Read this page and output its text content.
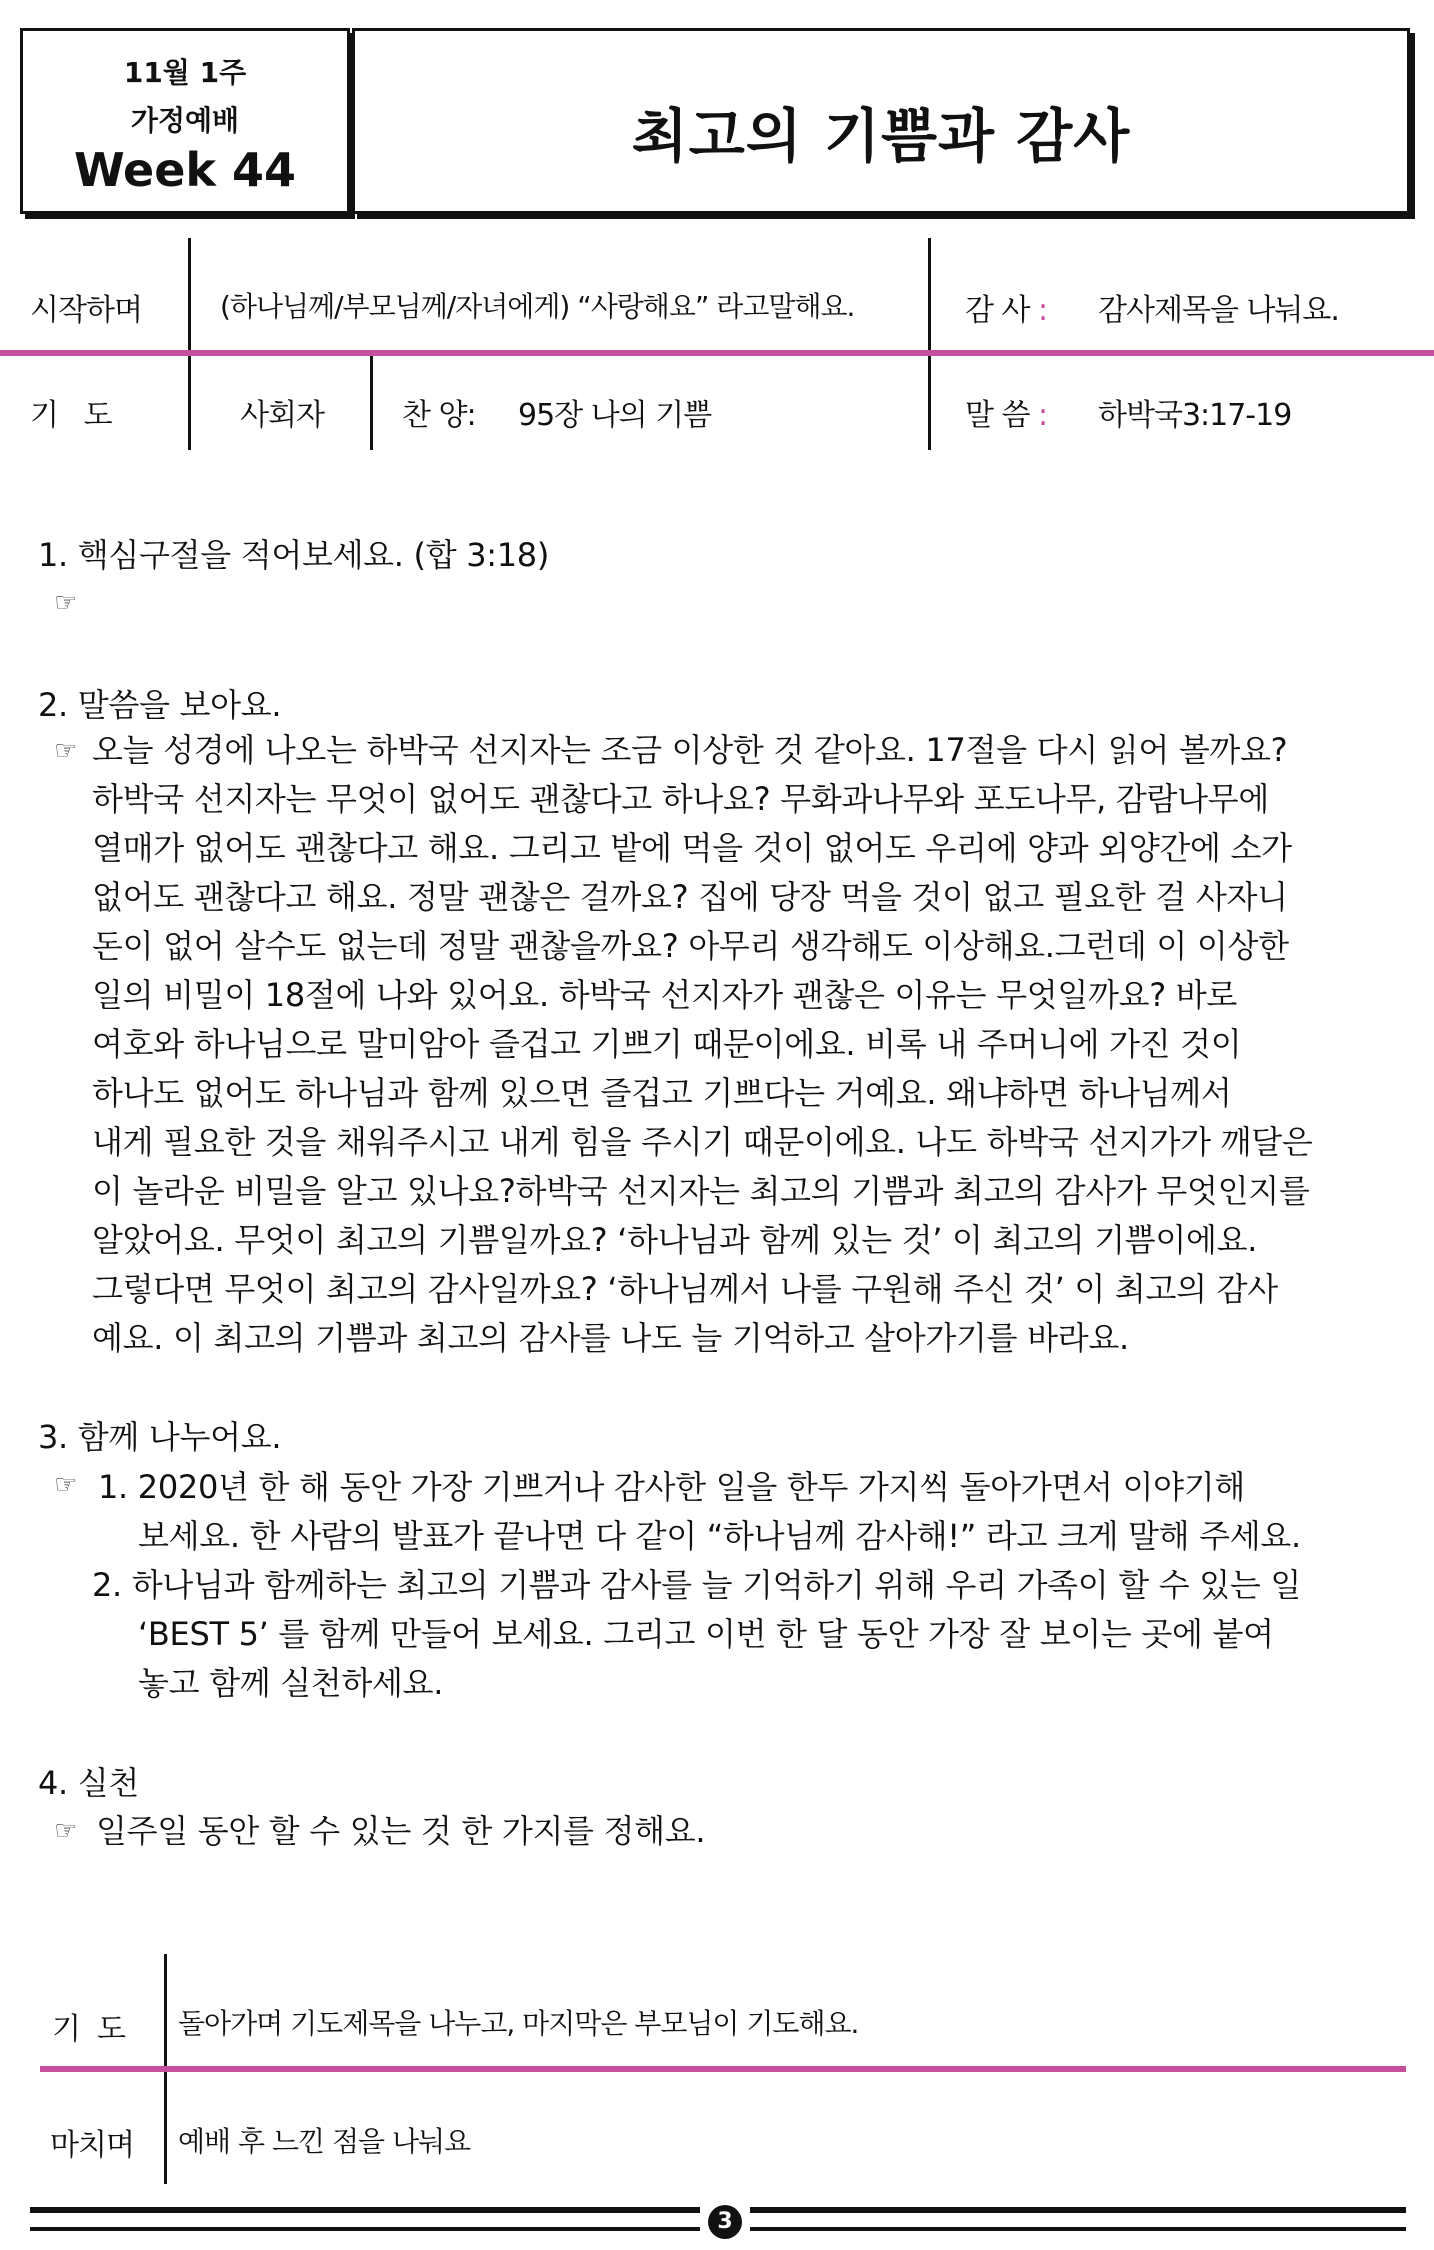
11월 1주
가정예배
Week 44	최고의 기쁨과 감사
시작하며	(하나님께/부모님께/자녀에게) “사랑해요” 라고말해요.	감 사 : 감사제목을 나눠요.
기   도	사회자	찬 양: 95장 나의 기쁨	말 씀 : 하박국3:17-19
1. 핵심구절을 적어보세요. (합 3:18)
☞
2. 말씀을 보아요.
☞ 오늘 성경에 나오는 하박국 선지자는 조금 이상한 것 같아요. 17절을 다시 읽어 볼까요?
하박국 선지자는 무엇이 없어도 괜찮다고 하나요? 무화과나무와 포도나무, 감람나무에
열매가 없어도 괜찮다고 해요. 그리고 밭에 먹을 것이 없어도 우리에 양과 외양간에 소가
없어도 괜찮다고 해요. 정말 괜찮은 걸까요? 집에 당장 먹을 것이 없고 필요한 걸 사자니
돈이 없어 살수도 없는데 정말 괜찮을까요? 아무리 생각해도 이상해요.그런데 이 이상한
일의 비밀이 18절에 나와 있어요. 하박국 선지자가 괜찮은 이유는 무엇일까요? 바로
여호와 하나님으로 말미암아 즐겁고 기쁘기 때문이에요. 비록 내 주머니에 가진 것이
하나도 없어도 하나님과 함께 있으면 즐겁고 기쁘다는 거예요. 왜냐하면 하나님께서
내게 필요한 것을 채워주시고 내게 힘을 주시기 때문이에요. 나도 하박국 선지가가 깨달은
이 놀라운 비밀을 알고 있나요?하박국 선지자는 최고의 기쁨과 최고의 감사가 무엇인지를
알았어요. 무엇이 최고의 기쁨일까요? ‘하나님과 함께 있는 것’ 이 최고의 기쁨이에요.
그렇다면 무엇이 최고의 감사일까요? ‘하나님께서 나를 구원해 주신 것’ 이 최고의 감사
예요. 이 최고의 기쁨과 최고의 감사를 나도 늘 기억하고 살아가기를 바라요.
3. 함께 나누어요.
☞ 1. 2020년 한 해 동안 가장 기쁘거나 감사한 일을 한두 가지씩 돌아가면서 이야기해
보세요. 한 사람의 발표가 끝나면 다 같이 “하나님께 감사해!” 라고 크게 말해 주세요.
2. 하나님과 함께하는 최고의 기쁨과 감사를 늘 기억하기 위해 우리 가족이 할 수 있는 일
‘BEST 5’ 를 함께 만들어 보세요. 그리고 이번 한 달 동안 가장 잘 보이는 곳에 붙여
놓고 함께 실천하세요.
4. 실천
☞ 일주일 동안 할 수 있는 것 한 가지를 정해요.
기  도 돌아가며 기도제목을 나누고, 마지막은 부모님이 기도해요.
마치며 예배 후 느낀 점을 나눠요
3
